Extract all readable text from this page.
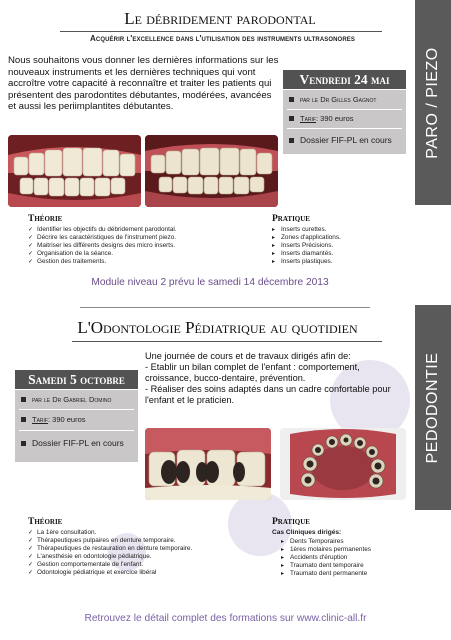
Le débridement parodontal
Acquérir l'excellence dans l'utilisation des instruments ultrasonores
Nous souhaitons vous donner les dernières informations sur les nouveaux instruments et les dernières techniques qui vont accroître votre capacité à reconnaître et traiter les patients qui présentent des parodontites débutantes, modérées, avancées et aussi les periimplantites débutantes.	PARO / PIEZO
Vendredi 24 mai
par le Dr Gilles Gagnot
Tarif : 390 euros
Dossier FIF-PL en cours
Théorie
✓ Identifier les objectifs du débridement parodontal.
✓ Décrire les caractéristiques de l'instrument piezo.
✓ Maitriser les différents designs des micro inserts.
✓ Organisation de la séance.
✓ Gestion des traitements.
Pratique
▸ Inserts curettes.
▸ Zones d'applications.
▸ Inserts Précisions.
▸ Inserts diamantés.
▸ Inserts plastiques.
Module niveau 2 prévu le samedi 14 décembre 2013
L'Odontologie Pédiatrique au quotidien
PEDODONTIE
Samedi 5 octobre
par le Dr Gabriel Domino
Tarif : 390 euros
Dossier FIF-PL en cours
Une journée de cours et de travaux dirigés afin de:
- Etablir un bilan complet de l'enfant : comportement, croissance, bucco-dentaire, prévention.
- Réaliser des soins adaptés dans un cadre confortable pour l'enfant et le praticien.
Théorie
✓ La 1ère consultation.
✓ Thérapeutiques pulpaires en denture temporaire.
✓ Thérapeutiques de restauration en denture temporaire.
✓ L'anesthésie en odontologie pédiatrique.
✓ Gestion comportementale de l'enfant.
✓ Odontologie pédiatrique et exercice libéral
Pratique
Cas Cliniques dirigés:
▸ Dents Temporaires
▸ 1ères molaires permanentes
▸ Accidents d'éruption
▸ Traumato dent temporaire
▸ Traumato dent permanente
Retrouvez le détail complet des formations sur www.clinic-all.fr
